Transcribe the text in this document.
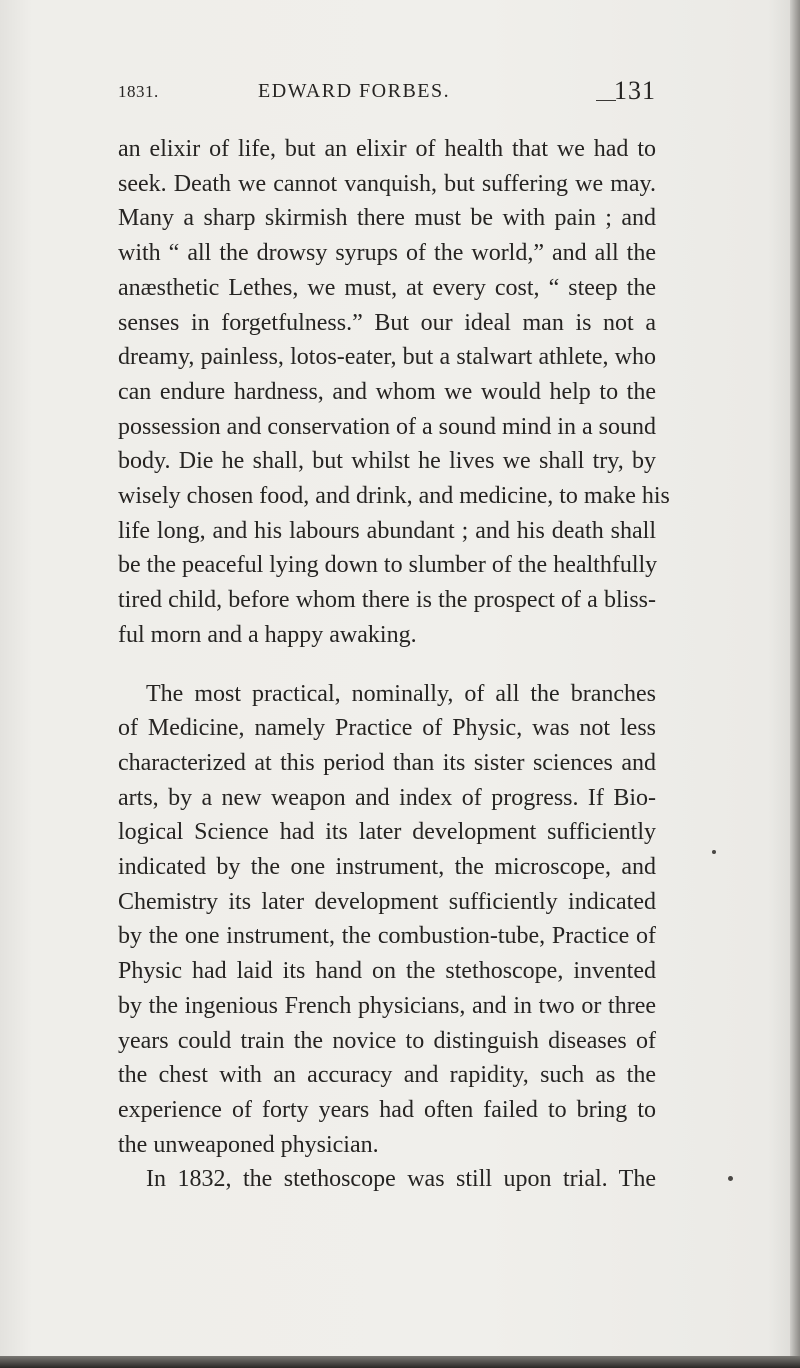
1831.	EDWARD FORBES.	131

an elixir of life, but an elixir of health that we had to
seek. Death we cannot vanquish, but suffering we may.
Many a sharp skirmish there must be with pain ; and
with “ all the drowsy syrups of the world,” and all the
anæsthetic Lethes, we must, at every cost, “ steep the
senses in forgetfulness.” But our ideal man is not a
dreamy, painless, lotos-eater, but a stalwart athlete, who
can endure hardness, and whom we would help to the
possession and conservation of a sound mind in a sound
body. Die he shall, but whilst he lives we shall try, by
wisely chosen food, and drink, and medicine, to make his
life long, and his labours abundant ; and his death shall
be the peaceful lying down to slumber of the healthfully
tired child, before whom there is the prospect of a bliss-
ful morn and a happy awaking.

The most practical, nominally, of all the branches
of Medicine, namely Practice of Physic, was not less
characterized at this period than its sister sciences and
arts, by a new weapon and index of progress. If Bio-
logical Science had its later development sufficiently
indicated by the one instrument, the microscope, and
Chemistry its later development sufficiently indicated
by the one instrument, the combustion-tube, Practice of
Physic had laid its hand on the stethoscope, invented
by the ingenious French physicians, and in two or three
years could train the novice to distinguish diseases of
the chest with an accuracy and rapidity, such as the
experience of forty years had often failed to bring to
the unweaponed physician.
In 1832, the stethoscope was still upon trial. The
